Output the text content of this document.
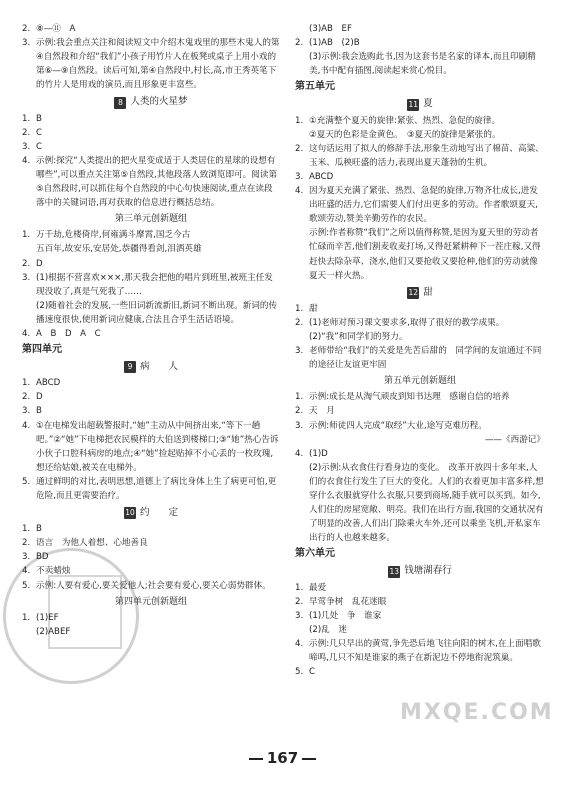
2. ⑧—⑪　A
3. 示例:我会重点关注和阅读短文中介绍木鬼戏里的那些木鬼人的第④自然段和介绍“我们”小孩子用竹片人在板凳或桌子上用小戏的第⑥—⑨自然段。读后可知,第④自然段中,村长,高,市王秀英笔下的竹片人是用戏的演员,而且形象更丰富些。
8 人类的火星梦
1. B
2. C
3. C
4. 示例:探究“人类提出的把火星变成适于人类居住的星球的设想有哪些”,可以重点关注第⑤自然段,其他段落人致浏览即可。阅读第⑤自然段时,可以抓住每个自然段的中心句快速阅读,重点在读段落中的关键词语,再对获取的信息进行概括总结。
第三单元创新题组
1. 万千劫,危楼倚岸,何雍满斗摩霄,国乏今古
五百年,故安乐,安居处,恭疆得看剑,泪洒英雄
2. D
3. (1)根据不营喜欢×××,那天我会把他的唱片到班里,被班主任发现没收了,真是气死我了……
(2)随着社会的发展,一些旧词新流新旧,新词不断出现。新词的传播速度很快,使用新词应健康,合法且合乎生活话语境。
4. A　B　D　A　C
第四单元
9 病　　人
1. ABCD
2. D
3. B
4. ①在电梯发出超载警报时,“她”主动从中间挤出来,“等下一趟吧。”②“她”下电梯把农民模样的大伯送到楼梯口;③“她”热心告诉小伙子口腔科病房的地点;④“她”捡起贴掉不小心丢的一枚玫瑰,想还给姑娘,被关在电梯外。
5. 通过鲜明的对比,表明思想,道德上了病比身体上生了病更可怕,更危险,而且更需要治疗。
10 约　　定
1. B
2. 语言　为他人着想、心地善良
3. BD
4. 不卖蜡烛
5. 示例:人要有爱心,要关爱他人;社会要有爱心,要关心弱势群体。
第四单元创新题组
1. (1)EF
(2)ABEF
(3)AB　EF
2. (1)AB　(2)B
(3)示例:我会选购此书,因为这套书是名家的译本,而且印刷精美,书中配有插图,阅读起来赏心悦目。
第五单元
11 夏
1. ①充满整个夏天的旋律:紧张、热烈、急促的旋律。
②夏天的色彩是金黄色。　③夏天的旋律是紧张的。
2. 这句话运用了拟人的修辞手法,形象生动地写出了棉苗、高粱、玉米、瓜秧旺盛的活力,表现出夏天蓬勃的生机。
3. ABCD
4. 因为夏天充满了紧张、热烈、急促的旋律,万物齐壮成长,进发出旺盛的活力,它们需要人们付出更多的劳动。作者歌颂夏天,歌颂劳动,赞美辛勤劳作的农民。
示例:作者称赞“我们”之所以值得称赞,是因为夏天里的劳动者忙碌而辛苦,他们割麦收麦打场,又得赶紧耕种下一茬庄稼,又得赶快去除杂草、浇水,他们又要抢收又要抢种,他们的劳动就像夏天一样火热。
12 甜
1. 甜
2. (1)老师对预习课文要求多,取得了很好的教学成果。
(2)“我”和同学们的努力。
3. 老师带给“我们”的关爱是先苦后甜的　同学间的友谊通过不同的途径让友谊更牢固
第五单元创新题组
1. 示例:成长是从淘气顽皮到知书达理　感谢自信的培养
2. 天　月
3. 示例:师徒四人完成“取经”大业,途写克难历程。
——《西游记》
4. (1)D
(2)示例:从衣食住行看身边的变化。　改革开放四十多年来,人们的衣食住行发生了巨大的变化。人们的衣着更加丰富多样,想穿什么衣服就穿什么衣服,只要到商场,随手就可以买到。如今,人们住的房屋宽敞、明亮。我们在出行方面,我国的交通状况有了明显的改善,人们出门除乘火车外,还可以乘坐飞机,开私家车出行的人也越来越多。
第六单元
13 钱塘湖春行
1. 最爱
2. 早莺争树　乱花迷眼
3. (1)几处　争　谁家
(2)乱　迷
4. 示例:几只早出的黄莺,争先恐后地飞往向阳的树木,在上面唱歌啼鸣,几只不知是谁家的燕子在新泥边不停地衔泥筑巢。
5. C
167
MXQE.COM
